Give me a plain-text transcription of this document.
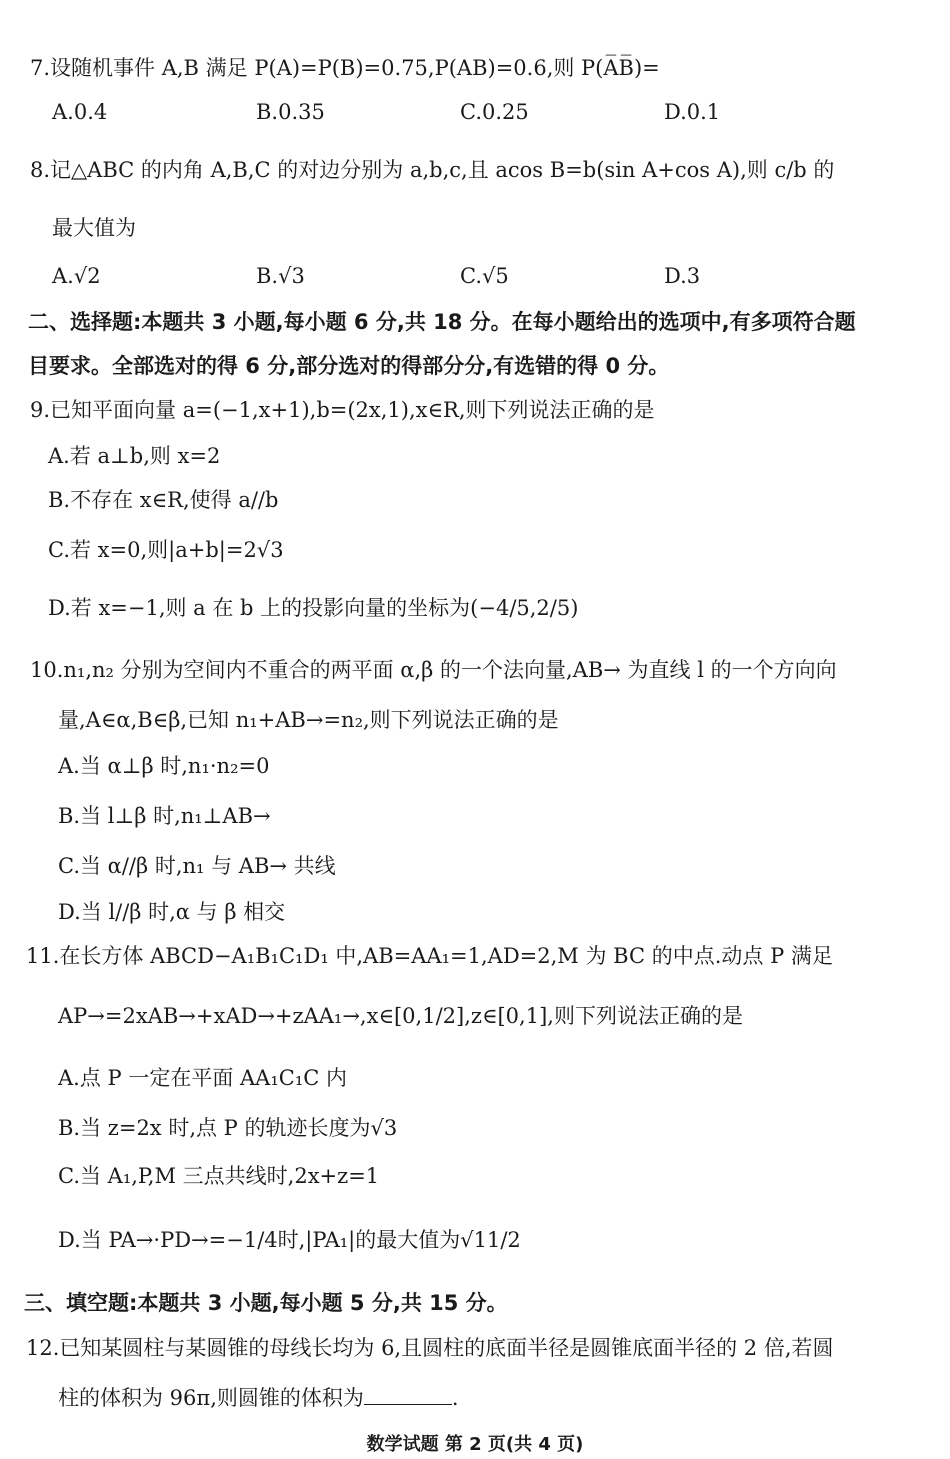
7.设随机事件 A,B 满足 P(A)=P(B)=0.75,P(AB)=0.6,则 P(A̅B̅)=
A.0.4	B.0.35	C.0.25	D.0.1
8.记△ABC 的内角 A,B,C 的对边分别为 a,b,c,且 acos B=b(sin A+cos A),则 c/b 的
最大值为
A.√2	B.√3	C.√5	D.3
二、选择题:本题共 3 小题,每小题 6 分,共 18 分。在每小题给出的选项中,有多项符合题
目要求。全部选对的得 6 分,部分选对的得部分分,有选错的得 0 分。
9.已知平面向量 a=(−1,x+1),b=(2x,1),x∈R,则下列说法正确的是
A.若 a⊥b,则 x=2
B.不存在 x∈R,使得 a//b
C.若 x=0,则|a+b|=2√3
D.若 x=−1,则 a 在 b 上的投影向量的坐标为(−4/5,2/5)
10.n₁,n₂ 分别为空间内不重合的两平面 α,β 的一个法向量,AB→ 为直线 l 的一个方向向
量,A∈α,B∈β,已知 n₁+AB→=n₂,则下列说法正确的是
A.当 α⊥β 时,n₁·n₂=0
B.当 l⊥β 时,n₁⊥AB→
C.当 α//β 时,n₁ 与 AB→ 共线
D.当 l//β 时,α 与 β 相交
11.在长方体 ABCD−A₁B₁C₁D₁ 中,AB=AA₁=1,AD=2,M 为 BC 的中点.动点 P 满足
AP→=2xAB→+xAD→+zAA₁→,x∈[0,1/2],z∈[0,1],则下列说法正确的是
A.点 P 一定在平面 AA₁C₁C 内
B.当 z=2x 时,点 P 的轨迹长度为√3
C.当 A₁,P,M 三点共线时,2x+z=1
D.当 PA→·PD→=−1/4时,|PA₁|的最大值为√11/2
三、填空题:本题共 3 小题,每小题 5 分,共 15 分。
12.已知某圆柱与某圆锥的母线长均为 6,且圆柱的底面半径是圆锥底面半径的 2 倍,若圆
柱的体积为 96π,则圆锥的体积为	.
数学试题 第 2 页(共 4 页)
